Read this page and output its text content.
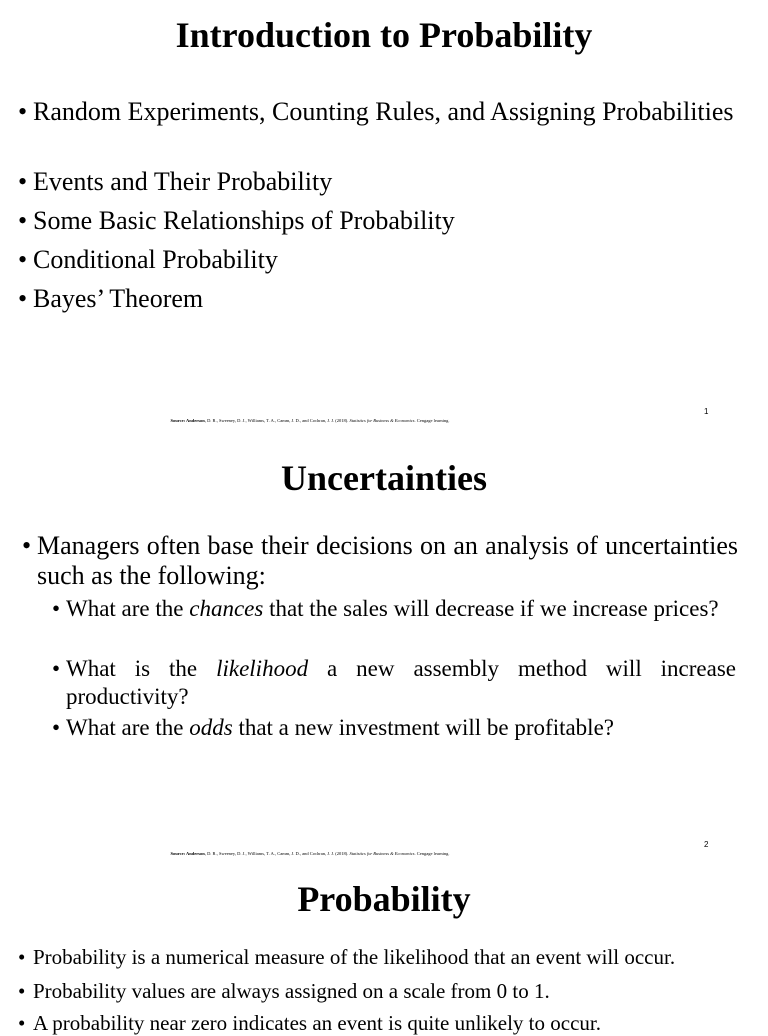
Introduction to Probability
• Random Experiments, Counting Rules, and Assigning Probabilities
• Events and Their Probability
• Some Basic Relationships of Probability
• Conditional Probability
• Bayes’ Theorem
Source: Anderson, D. R., Sweeney, D. J., Williams, T. A., Camm, J. D., and Cochran, J. J. (2018). Statistics for Business & Economics. Cengage learning.
1
Uncertainties
• Managers often base their decisions on an analysis of uncertainties such as the following:
• What are the chances that the sales will decrease if we increase prices?
• What is the likelihood a new assembly method will increase productivity?
• What are the odds that a new investment will be profitable?
Source: Anderson, D. R., Sweeney, D. J., Williams, T. A., Camm, J. D., and Cochran, J. J. (2018). Statistics for Business & Economics. Cengage learning.
2
Probability
• Probability is a numerical measure of the likelihood that an event will occur.
• Probability values are always assigned on a scale from 0 to 1.
• A probability near zero indicates an event is quite unlikely to occur.
